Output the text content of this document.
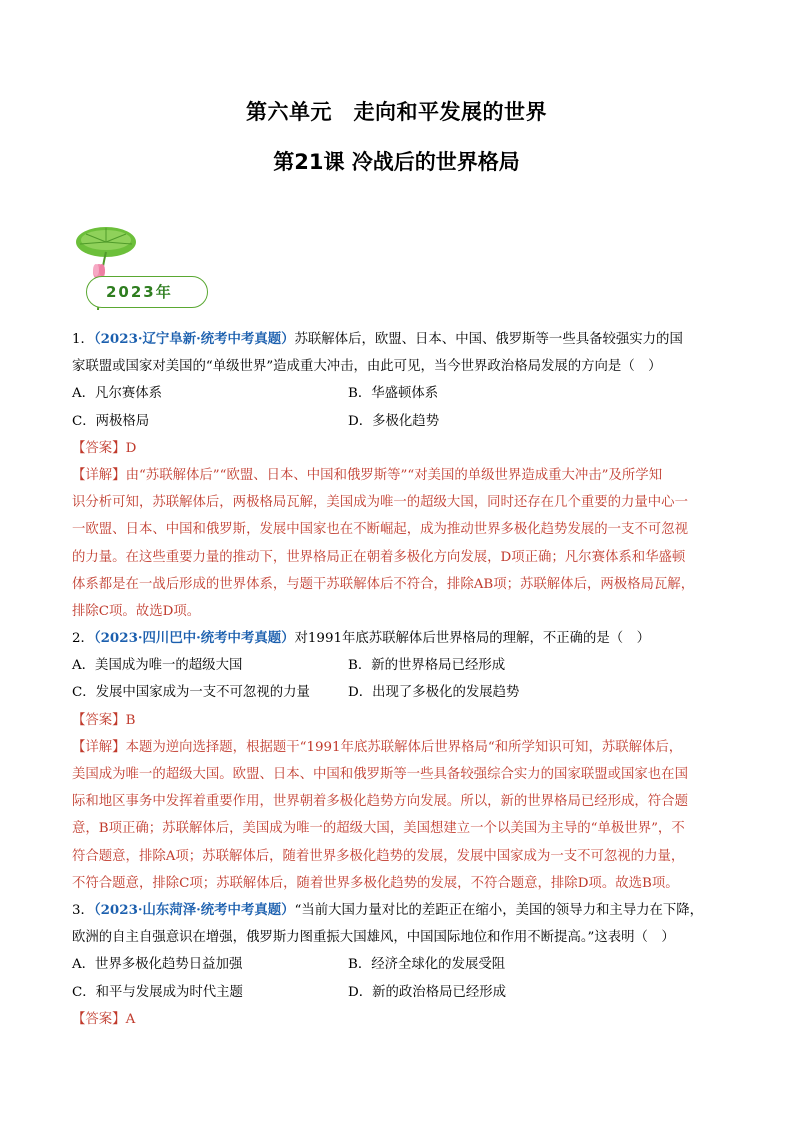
第六单元　走向和平发展的世界
第21课 冷战后的世界格局
2023年
1．（2023·辽宁阜新·统考中考真题）苏联解体后，欧盟、日本、中国、俄罗斯等一些具备较强实力的国
家联盟或国家对美国的“单级世界”造成重大冲击，由此可见，当今世界政治格局发展的方向是（　）
A．凡尔赛体系	B．华盛顿体系
C．两极格局	D．多极化趋势
【答案】D
【详解】由“苏联解体后”“欧盟、日本、中国和俄罗斯等”“对美国的单级世界造成重大冲击”及所学知
识分析可知，苏联解体后，两极格局瓦解，美国成为唯一的超级大国，同时还存在几个重要的力量中心一
一欧盟、日本、中国和俄罗斯，发展中国家也在不断崛起，成为推动世界多极化趋势发展的一支不可忽视
的力量。在这些重要力量的推动下，世界格局正在朝着多极化方向发展，D项正确；凡尔赛体系和华盛顿
体系都是在一战后形成的世界体系，与题干苏联解体后不符合，排除AB项；苏联解体后，两极格局瓦解，
排除C项。故选D项。
2．（2023·四川巴中·统考中考真题）对1991年底苏联解体后世界格局的理解，不正确的是（　）
A．美国成为唯一的超级大国	B．新的世界格局已经形成
C．发展中国家成为一支不可忽视的力量	D．出现了多极化的发展趋势
【答案】B
【详解】本题为逆向选择题，根据题干“1991年底苏联解体后世界格局“和所学知识可知，苏联解体后，
美国成为唯一的超级大国。欧盟、日本、中国和俄罗斯等一些具备较强综合实力的国家联盟或国家也在国
际和地区事务中发挥着重要作用，世界朝着多极化趋势方向发展。所以，新的世界格局已经形成，符合题
意，B项正确；苏联解体后，美国成为唯一的超级大国，美国想建立一个以美国为主导的“单极世界”，不
符合题意，排除A项；苏联解体后，随着世界多极化趋势的发展，发展中国家成为一支不可忽视的力量，
不符合题意，排除C项；苏联解体后，随着世界多极化趋势的发展，不符合题意，排除D项。故选B项。
3．（2023·山东菏泽·统考中考真题）“当前大国力量对比的差距正在缩小，美国的领导力和主导力在下降，
欧洲的自主自强意识在增强，俄罗斯力图重振大国雄风，中国国际地位和作用不断提高。”这表明（　）
A．世界多极化趋势日益加强	B．经济全球化的发展受阻
C．和平与发展成为时代主题	D．新的政治格局已经形成
【答案】A
